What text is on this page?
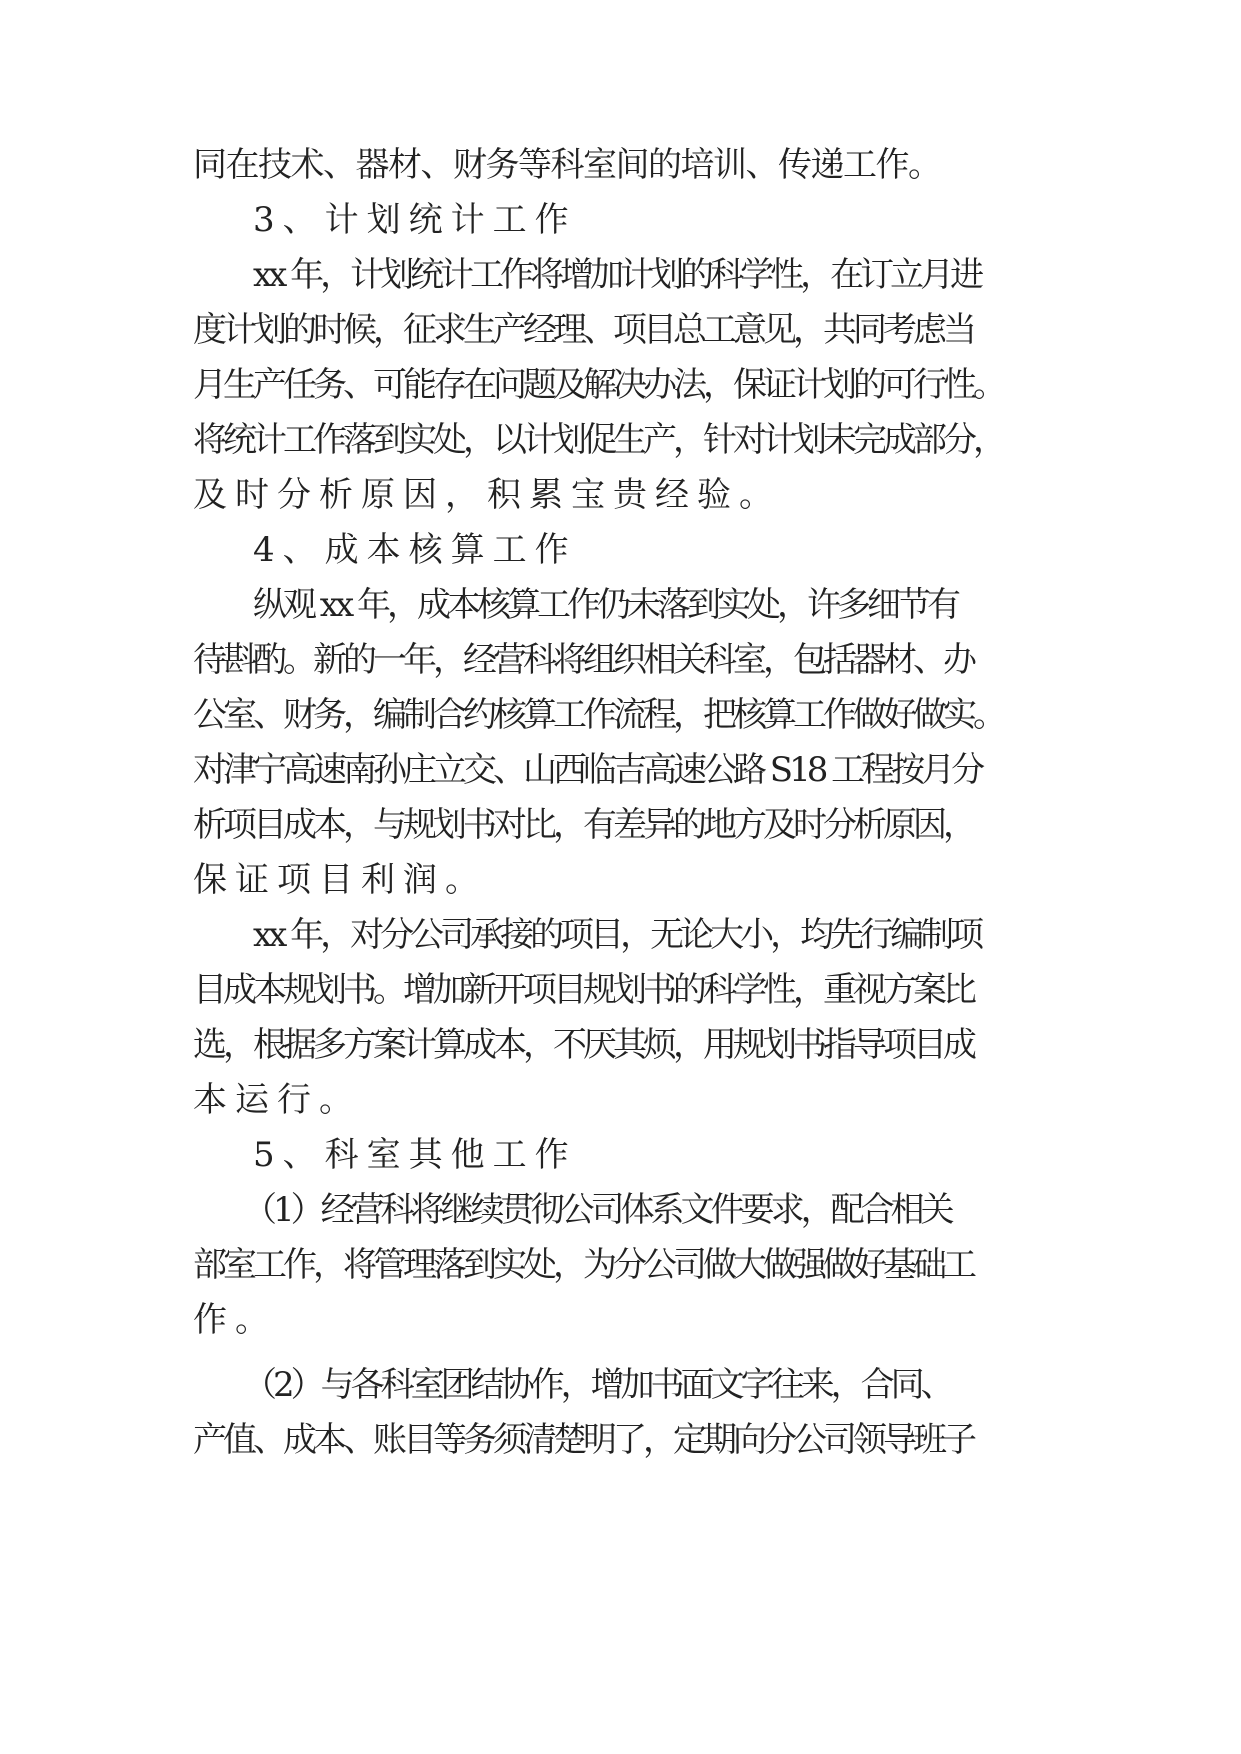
同在技术、器材、财务等科室间的培训、传递工作。
3、计划统计工作
xx 年，计划统计工作将增加计划的科学性，在订立月进
度计划的时候，征求生产经理、项目总工意见，共同考虑当
月生产任务、可能存在问题及解决办法，保证计划的可行性。
将统计工作落到实处，以计划促生产，针对计划未完成部分，
及时分析原因，积累宝贵经验。
4、成本核算工作
纵观 xx 年，成本核算工作仍未落到实处，许多细节有
待斟酌。新的一年，经营科将组织相关科室，包括器材、办
公室、财务，编制合约核算工作流程，把核算工作做好做实。
对津宁高速南孙庄立交、山西临吉高速公路 S18 工程按月分
析项目成本，与规划书对比，有差异的地方及时分析原因，
保证项目利润。
xx 年，对分公司承接的项目，无论大小，均先行编制项
目成本规划书。增加新开项目规划书的科学性，重视方案比
选，根据多方案计算成本，不厌其烦，用规划书指导项目成
本运行。
5、科室其他工作
（1）经营科将继续贯彻公司体系文件要求，配合相关
部室工作，将管理落到实处，为分公司做大做强做好基础工
作。
（2）与各科室团结协作，增加书面文字往来，合同、
产值、成本、账目等务须清楚明了，定期向分公司领导班子
